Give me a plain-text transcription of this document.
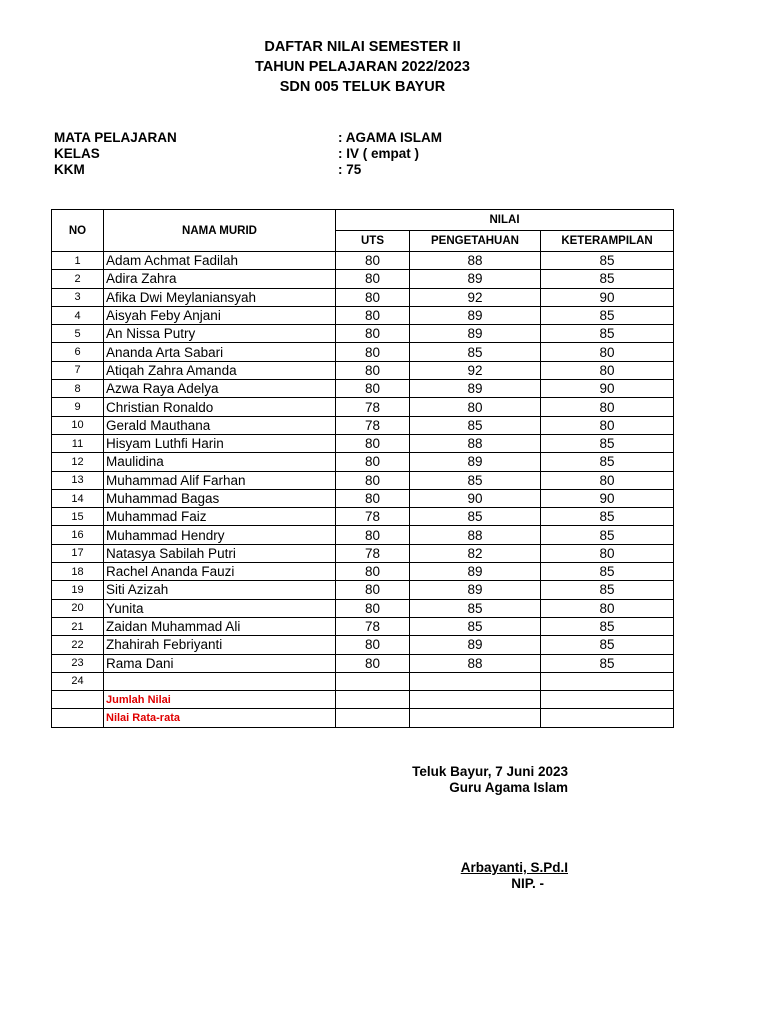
DAFTAR NILAI SEMESTER II
TAHUN PELAJARAN 2022/2023
SDN 005 TELUK BAYUR
MATA PELAJARAN	: AGAMA ISLAM
KELAS	: IV ( empat )
KKM	: 75
NO	NAMA MURID	NILAI		
		UTS	PENGETAHUAN	KETERAMPILAN
1	Adam Achmat Fadilah	80	88	85
2	Adira Zahra	80	89	85
3	Afika Dwi Meylaniansyah	80	92	90
4	Aisyah Feby Anjani	80	89	85
5	An Nissa Putry	80	89	85
6	Ananda Arta Sabari	80	85	80
7	Atiqah Zahra Amanda	80	92	80
8	Azwa Raya Adelya	80	89	90
9	Christian Ronaldo	78	80	80
10	Gerald Mauthana	78	85	80
11	Hisyam Luthfi Harin	80	88	85
12	Maulidina	80	89	85
13	Muhammad Alif Farhan	80	85	80
14	Muhammad Bagas	80	90	90
15	Muhammad Faiz	78	85	85
16	Muhammad Hendry	80	88	85
17	Natasya Sabilah Putri	78	82	80
18	Rachel Ananda Fauzi	80	89	85
19	Siti Azizah	80	89	85
20	Yunita	80	85	80
21	Zaidan Muhammad Ali	78	85	85
22	Zhahirah Febriyanti	80	89	85
23	Rama Dani	80	88	85
24				
	Jumlah Nilai			
	Nilai Rata-rata			
Teluk Bayur, 7 Juni 2023
Guru Agama Islam
Arbayanti, S.Pd.I
NIP. -
